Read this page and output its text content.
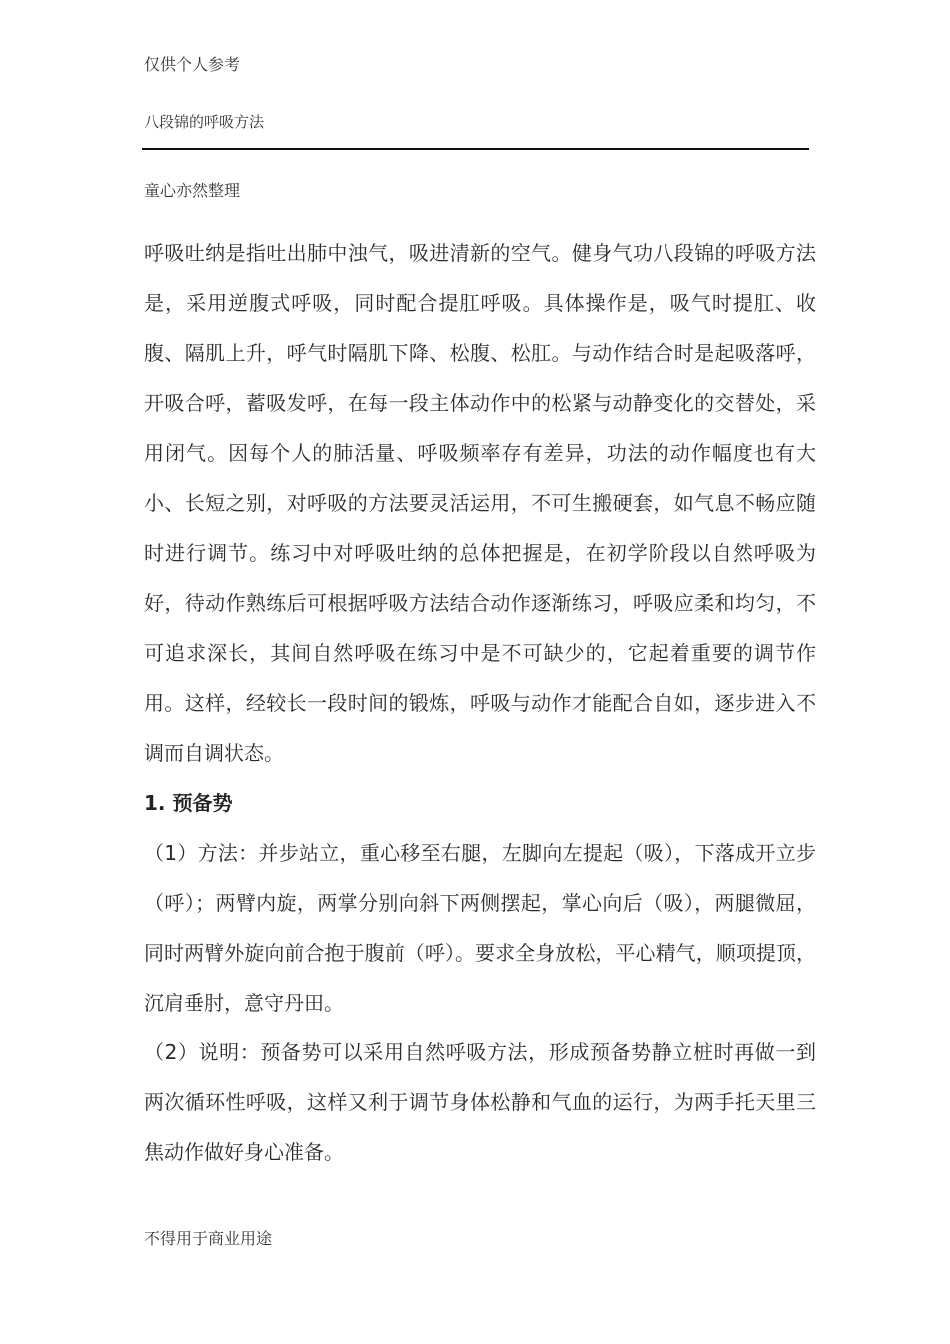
仅供个人参考
八段锦的呼吸方法
童心亦然整理

呼吸吐纳是指吐出肺中浊气，吸进清新的空气。健身气功八段锦的呼吸方法是，采用逆腹式呼吸，同时配合提肛呼吸。具体操作是，吸气时提肛、收腹、隔肌上升，呼气时隔肌下降、松腹、松肛。与动作结合时是起吸落呼，开吸合呼，蓄吸发呼，在每一段主体动作中的松紧与动静变化的交替处，采用闭气。因每个人的肺活量、呼吸频率存有差异，功法的动作幅度也有大小、长短之别，对呼吸的方法要灵活运用，不可生搬硬套，如气息不畅应随时进行调节。练习中对呼吸吐纳的总体把握是，在初学阶段以自然呼吸为好，待动作熟练后可根据呼吸方法结合动作逐渐练习，呼吸应柔和均匀，不可追求深长，其间自然呼吸在练习中是不可缺少的，它起着重要的调节作用。这样，经较长一段时间的锻炼，呼吸与动作才能配合自如，逐步进入不调而自调状态。

1. 预备势

（1）方法：并步站立，重心移至右腿，左脚向左提起（吸），下落成开立步（呼）；两臂内旋，两掌分别向斜下两侧摆起，掌心向后（吸），两腿微屈，同时两臂外旋向前合抱于腹前（呼）。要求全身放松，平心精气，顺项提顶，沉肩垂肘，意守丹田。

（2）说明：预备势可以采用自然呼吸方法，形成预备势静立桩时再做一到两次循环性呼吸，这样又利于调节身体松静和气血的运行，为两手托天里三焦动作做好身心准备。

不得用于商业用途
